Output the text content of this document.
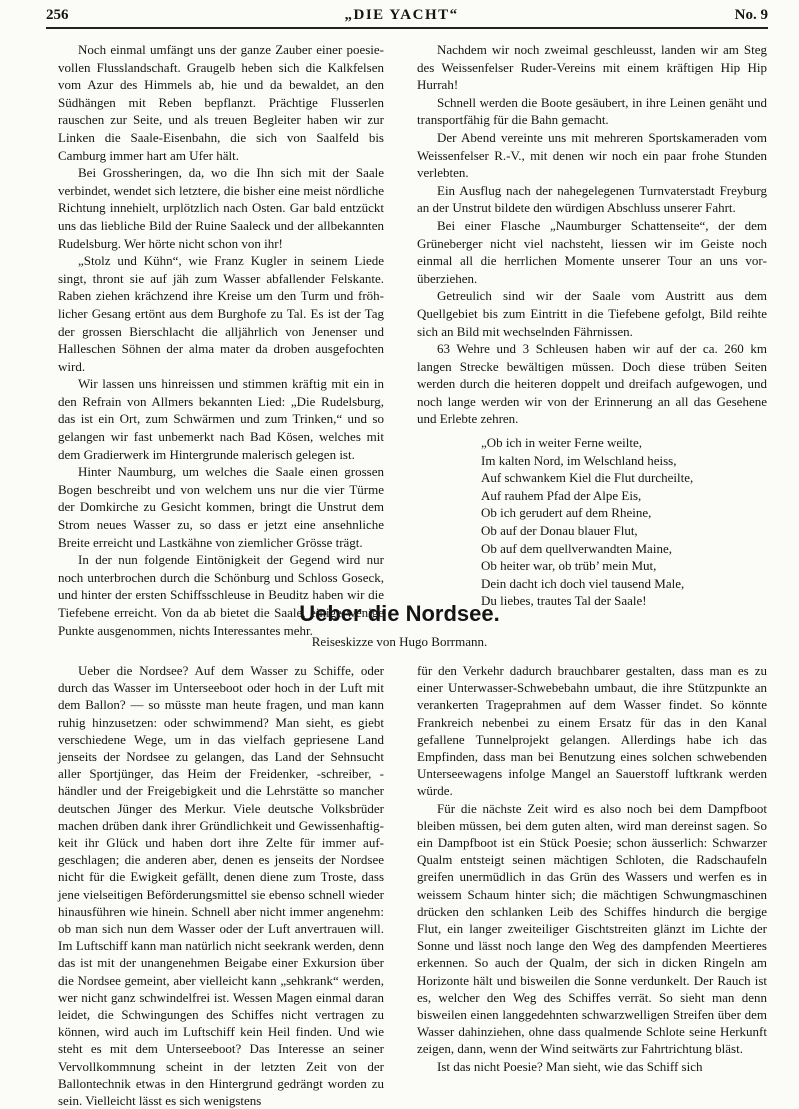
256	„DIE YACHT“	No. 9

Noch einmal umfängt uns der ganze Zauber einer poesievollen Flusslandschaft. Graugelb heben sich die Kalkfelsen vom Azur des Himmels ab, hie und da bewaldet, an den Südhängen mit Reben bepflanzt. Prächtige Flusserlen rauschen zur Seite, und als treuen Begleiter haben wir zur Linken die Saale-Eisenbahn, die sich von Saalfeld bis Camburg immer hart am Ufer hält.

Bei Grossheringen, da, wo die Ihn sich mit der Saale verbindet, wendet sich letztere, die bisher eine meist nördliche Richtung innehielt, urplötzlich nach Osten. Gar bald entzückt uns das liebliche Bild der Ruine Saaleck und der allbekannten Rudelsburg. Wer hörte nicht schon von ihr!

„Stolz und Kühn“, wie Franz Kugler in seinem Liede singt, thront sie auf jäh zum Wasser abfallender Felskante. Raben ziehen krächzend ihre Kreise um den Turm und fröhlicher Gesang ertönt aus dem Burghofe zu Tal. Es ist der Tag der grossen Bierschlacht die alljährlich von Jenenser und Halleschen Söhnen der alma mater da droben ausgefochten wird.

Wir lassen uns hinreissen und stimmen kräftig mit ein in den Refrain von Allmers bekannten Lied: „Die Rudelsburg, das ist ein Ort, zum Schwärmen und zum Trinken,“ und so gelangen wir fast unbemerkt nach Bad Kösen, welches mit dem Gradierwerk im Hintergrunde malerisch gelegen ist.

Hinter Naumburg, um welches die Saale einen grossen Bogen beschreibt und von welchem uns nur die vier Türme der Domkirche zu Gesicht kommen, bringt die Unstrut dem Strom neues Wasser zu, so dass er jetzt eine ansehnliche Breite erreicht und Lastkähne von ziemlicher Grösse trägt.

In der nun folgende Eintönigkeit der Gegend wird nur noch unterbrochen durch die Schönburg und Schloss Goseck, und hinter der ersten Schiffsschleuse in Beuditz haben wir die Tiefebene erreicht. Von da ab bietet die Saale, einige wenige Punkte ausgenommen, nichts Interessantes mehr.

Nachdem wir noch zweimal geschleusst, landen wir am Steg des Weissenfelser Ruder-Vereins mit einem kräftigen Hip Hip Hurrah!

Schnell werden die Boote gesäubert, in ihre Leinen genäht und transportfähig für die Bahn gemacht.

Der Abend vereinte uns mit mehreren Sportskameraden vom Weissenfelser R.-V., mit denen wir noch ein paar frohe Stunden verlebten.

Ein Ausflug nach der nahegelegenen Turnvaterstadt Freyburg an der Unstrut bildete den würdigen Abschluss unserer Fahrt.

Bei einer Flasche „Naumburger Schattenseite“, der dem Grüneberger nicht viel nachsteht, liessen wir im Geiste noch einmal all die herrlichen Momente unserer Tour an uns vorüberziehen.

Getreulich sind wir der Saale vom Austritt aus dem Quellgebiet bis zum Eintritt in die Tiefebene gefolgt, Bild reihte sich an Bild mit wechselnden Fährnissen.

63 Wehre und 3 Schleusen haben wir auf der ca. 260 km langen Strecke bewältigen müssen. Doch diese trüben Seiten werden durch die heiteren doppelt und dreifach aufgewogen, und noch lange werden wir von der Erinnerung an all das Gesehene und Erlebte zehren.

„Ob ich in weiter Ferne weilte,
Im kalten Nord, im Welschland heiss,
Auf schwankem Kiel die Flut durcheilte,
Auf rauhem Pfad der Alpe Eis,
Ob ich gerudert auf dem Rheine,
Ob auf der Donau blauer Flut,
Ob auf dem quellverwandten Maine,
Ob heiter war, ob trüb’ mein Mut,
Dein dacht ich doch viel tausend Male,
Du liebes, trautes Tal der Saale!
Ueber die Nordsee.
Reiseskizze von Hugo Borrmann.

Ueber die Nordsee? Auf dem Wasser zu Schiffe, oder durch das Wasser im Unterseeboot oder hoch in der Luft mit dem Ballon? — so müsste man heute fragen, und man kann ruhig hinzusetzen: oder schwimmend? Man sieht, es giebt verschiedene Wege, um in das vielfach gepriesene Land jenseits der Nordsee zu gelangen, das Land der Sehnsucht aller Sportjünger, das Heim der Freidenker, -schreiber, -händler und der Freigebigkeit und die Lehrstätte so mancher deutschen Jünger des Merkur. Viele deutsche Volksbrüder machen drüben dank ihrer Gründlichkeit und Gewissenhaftigkeit ihr Glück und haben dort ihre Zelte für immer aufgeschlagen; die anderen aber, denen es jenseits der Nordsee nicht für die Ewigkeit gefällt, denen diene zum Troste, dass jene vielseitigen Beförderungsmittel sie ebenso schnell wieder hinausführen wie hinein. Schnell aber nicht immer angenehm: ob man sich nun dem Wasser oder der Luft anvertrauen will. Im Luftschiff kann man natürlich nicht seekrank werden, denn das ist mit der unangenehmen Beigabe einer Exkursion über die Nordsee gemeint, aber vielleicht kann „sehkrank“ werden, wer nicht ganz schwindelfrei ist. Wessen Magen einmal daran leidet, die Schwingungen des Schiffes nicht vertragen zu können, wird auch im Luftschiff kein Heil finden. Und wie steht es mit dem Unterseeboot? Das Interesse an seiner Vervollkommnung scheint in der letzten Zeit von der Ballontechnik etwas in den Hintergrund gedrängt worden zu sein. Vielleicht lässt es sich wenigstens

für den Verkehr dadurch brauchbarer gestalten, dass man es zu einer Unterwasser-Schwebebahn umbaut, die ihre Stützpunkte an verankerten Trageprahmen auf dem Wasser findet. So könnte Frankreich nebenbei zu einem Ersatz für das in den Kanal gefallene Tunnelprojekt gelangen. Allerdings habe ich das Empfinden, dass man bei Benutzung eines solchen schwebenden Unterseewagens infolge Mangel an Sauerstoff luftkrank werden würde.

Für die nächste Zeit wird es also noch bei dem Dampfboot bleiben müssen, bei dem guten alten, wird man dereinst sagen. So ein Dampfboot ist ein Stück Poesie; schon äusserlich: Schwarzer Qualm entsteigt seinen mächtigen Schloten, die Radschaufeln greifen unermüdlich in das Grün des Wassers und werfen es in weissem Schaum hinter sich; die mächtigen Schwungmaschinen drücken den schlanken Leib des Schiffes hindurch die bergige Flut, ein langer zweiteiliger Gischtstreiten glänzt im Lichte der Sonne und lässt noch lange den Weg des dampfenden Meertieres erkennen. So auch der Qualm, der sich in dicken Ringeln am Horizonte hält und bisweilen die Sonne verdunkelt. Der Rauch ist es, welcher den Weg des Schiffes verrät. So sieht man denn bisweilen einen langgedehnten schwarzwelligen Streifen über dem Wasser dahinziehen, ohne dass qualmende Schlote seine Herkunft zeigen, dann, wenn der Wind seitwärts zur Fahrtrichtung bläst.

Ist das nicht Poesie? Man sieht, wie das Schiff sich
